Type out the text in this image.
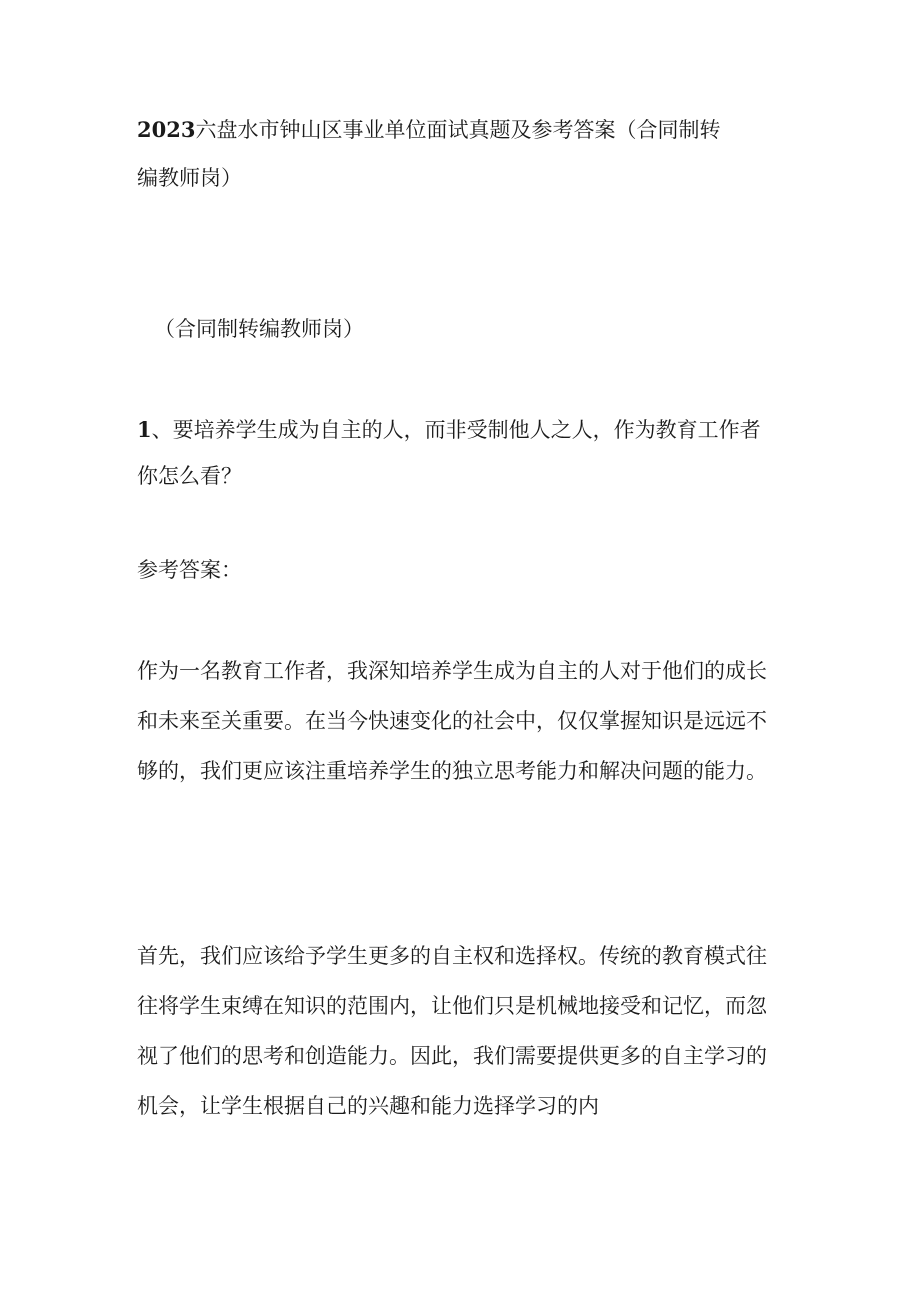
2023六盘水市钟山区事业单位面试真题及参考答案（合同制转
编教师岗）
（合同制转编教师岗）
1、要培养学生成为自主的人，而非受制他人之人，作为教育工作者
你怎么看？
参考答案：
作为一名教育工作者，我深知培养学生成为自主的人对于他们的成长
和未来至关重要。在当今快速变化的社会中，仅仅掌握知识是远远不
够的，我们更应该注重培养学生的独立思考能力和解决问题的能力。
首先，我们应该给予学生更多的自主权和选择权。传统的教育模式往
往将学生束缚在知识的范围内，让他们只是机械地接受和记忆，而忽
视了他们的思考和创造能力。因此，我们需要提供更多的自主学习的
机会，让学生根据自己的兴趣和能力选择学习的内
